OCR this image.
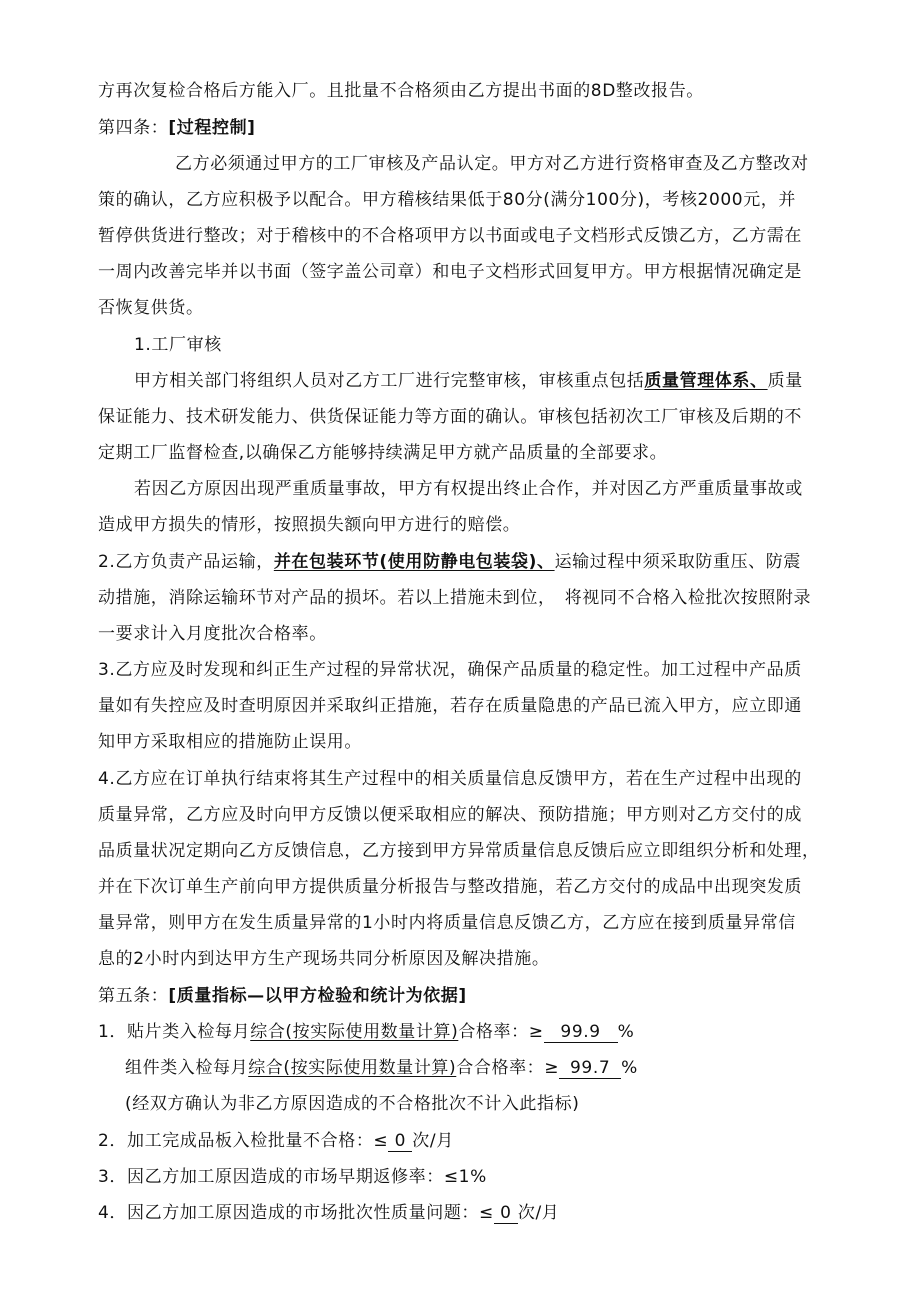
方再次复检合格后方能入厂。且批量不合格须由乙方提出书面的8D整改报告。
第四条：[过程控制]
乙方必须通过甲方的工厂审核及产品认定。甲方对乙方进行资格审查及乙方整改对
策的确认，乙方应积极予以配合。甲方稽核结果低于80分(满分100分)，考核2000元，并
暂停供货进行整改；对于稽核中的不合格项甲方以书面或电子文档形式反馈乙方，乙方需在
一周内改善完毕并以书面（签字盖公司章）和电子文档形式回复甲方。甲方根据情况确定是
否恢复供货。
1.工厂审核
甲方相关部门将组织人员对乙方工厂进行完整审核，审核重点包括质量管理体系、质量
保证能力、技术研发能力、供货保证能力等方面的确认。审核包括初次工厂审核及后期的不
定期工厂监督检查,以确保乙方能够持续满足甲方就产品质量的全部要求。
若因乙方原因出现严重质量事故，甲方有权提出终止合作，并对因乙方严重质量事故或
造成甲方损失的情形，按照损失额向甲方进行的赔偿。
2.乙方负责产品运输，并在包装环节(使用防静电包装袋)、运输过程中须采取防重压、防震
动措施，消除运输环节对产品的损坏。若以上措施未到位，　将视同不合格入检批次按照附录
一要求计入月度批次合格率。
3.乙方应及时发现和纠正生产过程的异常状况，确保产品质量的稳定性。加工过程中产品质
量如有失控应及时查明原因并采取纠正措施，若存在质量隐患的产品已流入甲方，应立即通
知甲方采取相应的措施防止误用。
4.乙方应在订单执行结束将其生产过程中的相关质量信息反馈甲方，若在生产过程中出现的
质量异常，乙方应及时向甲方反馈以便采取相应的解决、预防措施；甲方则对乙方交付的成
品质量状况定期向乙方反馈信息，乙方接到甲方异常质量信息反馈后应立即组织分析和处理，
并在下次订单生产前向甲方提供质量分析报告与整改措施，若乙方交付的成品中出现突发质
量异常，则甲方在发生质量异常的1小时内将质量信息反馈乙方，乙方应在接到质量异常信
息的2小时内到达甲方生产现场共同分析原因及解决措施。
第五条：[质量指标—以甲方检验和统计为依据]
1．贴片类入检每月综合(按实际使用数量计算)合格率：≥ 99.9 %
组件类入检每月综合(按实际使用数量计算)合合格率：≥ 99.7 %
(经双方确认为非乙方原因造成的不合格批次不计入此指标)
2．加工完成品板入检批量不合格：≤ 0 次/月
3．因乙方加工原因造成的市场早期返修率：≤1%
4．因乙方加工原因造成的市场批次性质量问题：≤ 0 次/月
